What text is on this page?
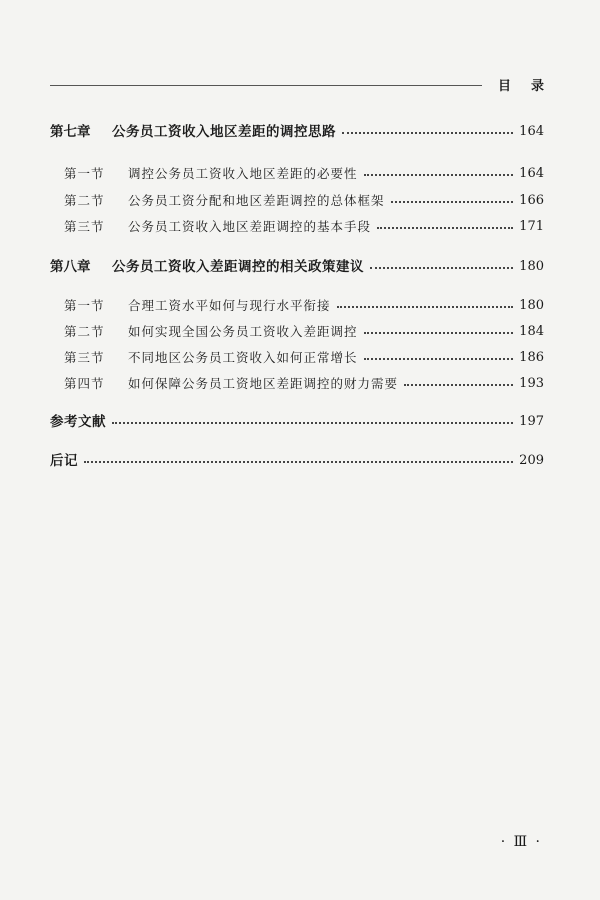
目录
第七章	公务员工资收入地区差距的调控思路	164
第一节	调控公务员工资收入地区差距的必要性	164
第二节	公务员工资分配和地区差距调控的总体框架	166
第三节	公务员工资收入地区差距调控的基本手段	171
第八章	公务员工资收入差距调控的相关政策建议	180
第一节	合理工资水平如何与现行水平衔接	180
第二节	如何实现全国公务员工资收入差距调控	184
第三节	不同地区公务员工资收入如何正常增长	186
第四节	如何保障公务员工资地区差距调控的财力需要	193
参考文献	197
后记	209
· Ⅲ ·
